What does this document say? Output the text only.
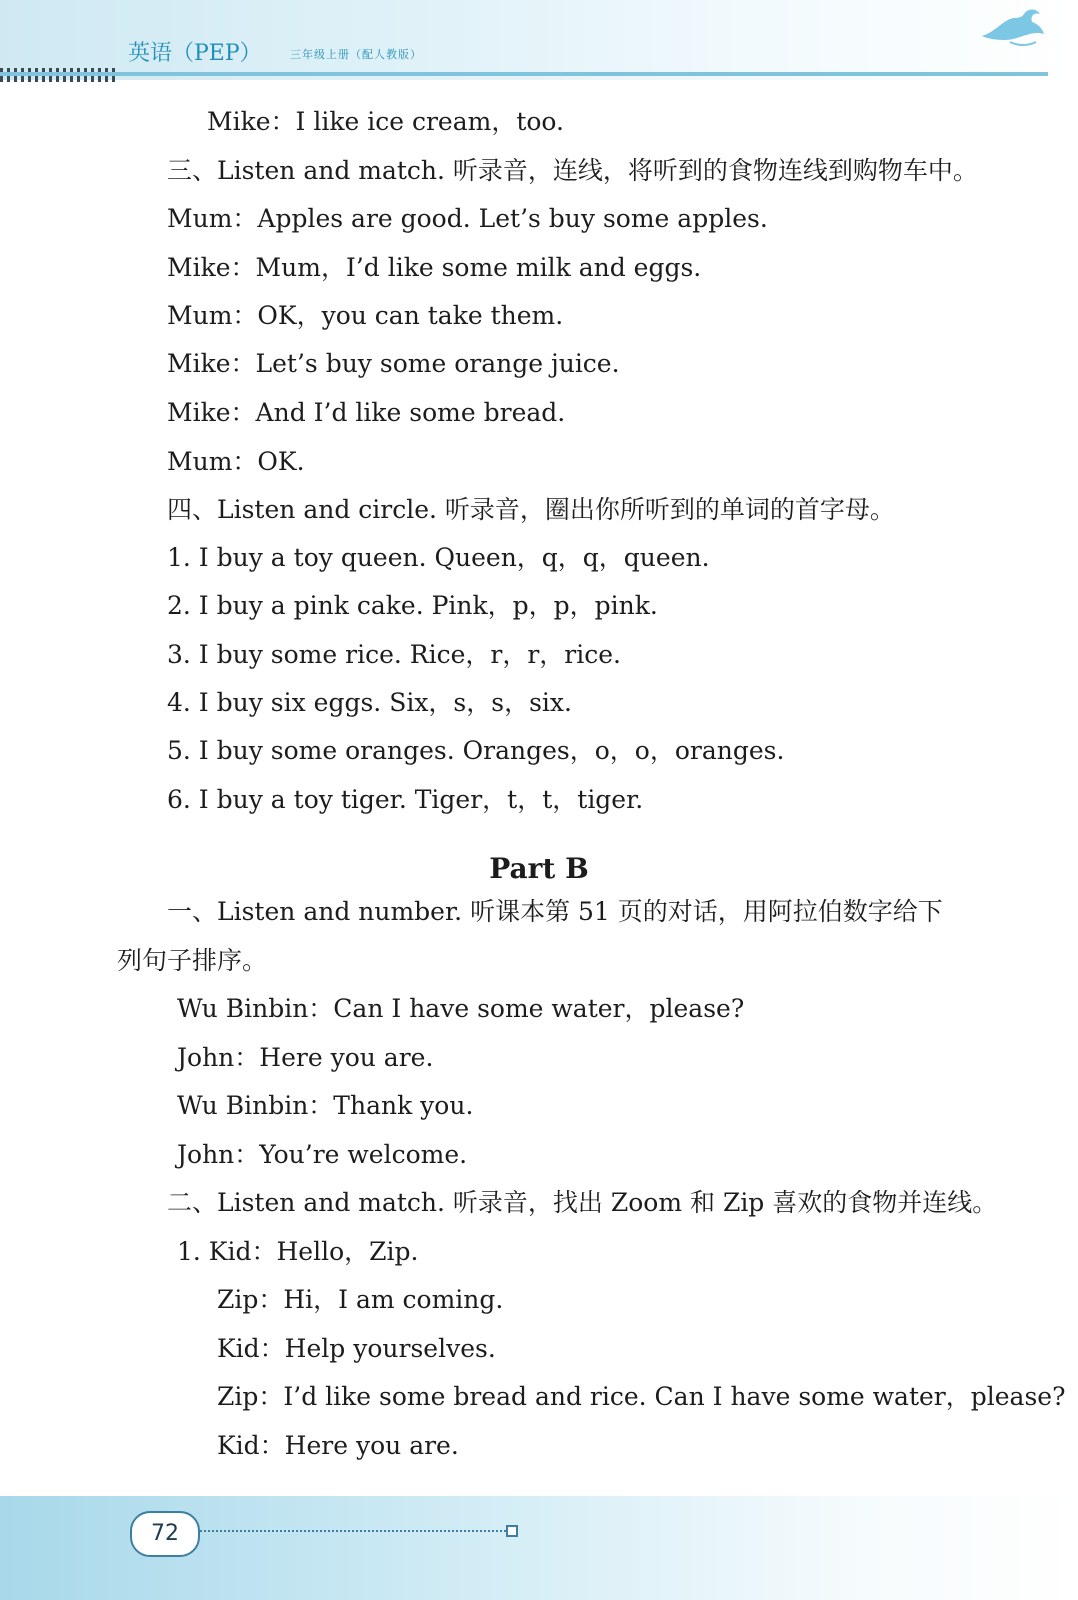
英语（PEP）	三年级上册（配人教版）
Mike：I like ice cream，too.
三、Listen and match. 听录音，连线，将听到的食物连线到购物车中。
Mum：Apples are good. Let’s buy some apples.
Mike：Mum，I’d like some milk and eggs.
Mum：OK，you can take them.
Mike：Let’s buy some orange juice.
Mike：And I’d like some bread.
Mum：OK.
四、Listen and circle. 听录音，圈出你所听到的单词的首字母。
1. I buy a toy queen. Queen，q，q，queen.
2. I buy a pink cake. Pink，p，p，pink.
3. I buy some rice. Rice，r，r，rice.
4. I buy six eggs. Six，s，s，six.
5. I buy some oranges. Oranges，o，o，oranges.
6. I buy a toy tiger. Tiger，t，t，tiger.
Part B
一、Listen and number. 听课本第 51 页的对话，用阿拉伯数字给下
列句子排序。
Wu Binbin：Can I have some water，please?
John：Here you are.
Wu Binbin：Thank you.
John：You’re welcome.
二、Listen and match. 听录音，找出 Zoom 和 Zip 喜欢的食物并连线。
1. Kid：Hello，Zip.
Zip：Hi，I am coming.
Kid：Help yourselves.
Zip：I’d like some bread and rice. Can I have some water，please?
Kid：Here you are.
72
